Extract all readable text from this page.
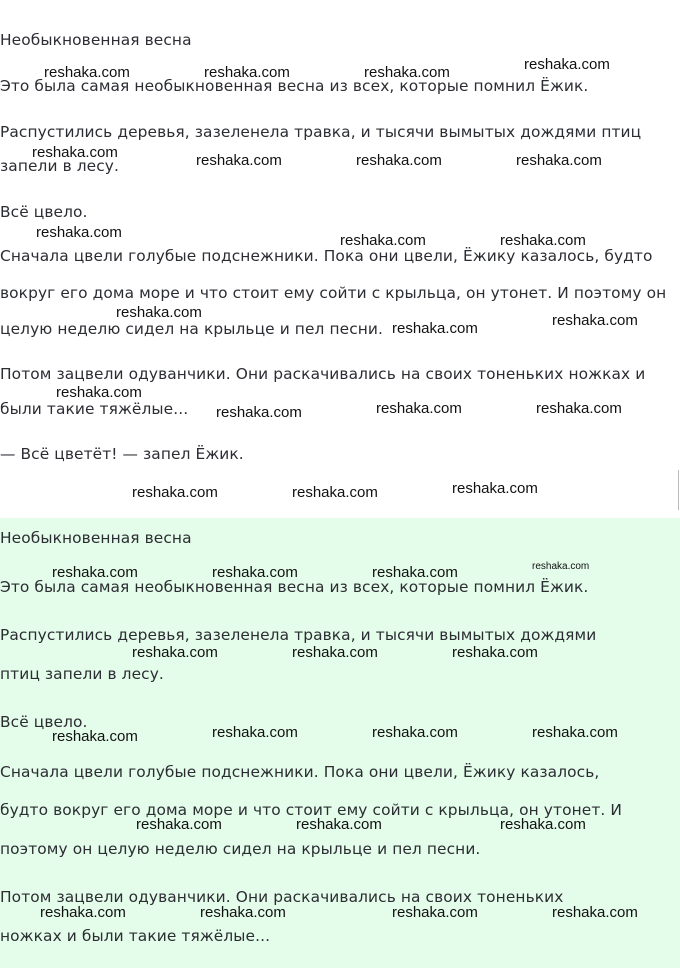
Необыкновенная весна
Это была самая необыкновенная весна из всех, которые помнил Ёжик.
Распустились деревья, зазеленела травка, и тысячи вымытых дождями птиц
запели в лесу.
Всё цвело.
Сначала цвели голубые подснежники. Пока они цвели, Ёжику казалось, будто
вокруг его дома море и что стоит ему сойти с крыльца, он утонет. И поэтому он
целую неделю сидел на крыльце и пел песни.
Потом зацвели одуванчики. Они раскачивались на своих тоненьких ножках и
были такие тяжёлые...
— Всё цветёт! — запел Ёжик.
Необыкновенная весна
Это была самая необыкновенная весна из всех, которые помнил Ёжик.
Распустились деревья, зазеленела травка, и тысячи вымытых дождями
птиц запели в лесу.
Всё цвело.
Сначала цвели голубые подснежники. Пока они цвели, Ёжику казалось,
будто вокруг его дома море и что стоит ему сойти с крыльца, он утонет. И
поэтому он целую неделю сидел на крыльце и пел песни.
Потом зацвели одуванчики. Они раскачивались на своих тоненьких
ножках и были такие тяжёлые...
reshaka.com	reshaka.com	reshaka.com	reshaka.com
reshaka.com	reshaka.com	reshaka.com	reshaka.com
reshaka.com	reshaka.com	reshaka.com
reshaka.com
reshaka.com	reshaka.com
reshaka.com
reshaka.com	reshaka.com	reshaka.com
reshaka.com	reshaka.com	reshaka.com
reshaka.com	reshaka.com	reshaka.com	reshaka.com
reshaka.com	reshaka.com	reshaka.com
reshaka.com	reshaka.com	reshaka.com	reshaka.com
reshaka.com	reshaka.com	reshaka.com
reshaka.com	reshaka.com	reshaka.com	reshaka.com
